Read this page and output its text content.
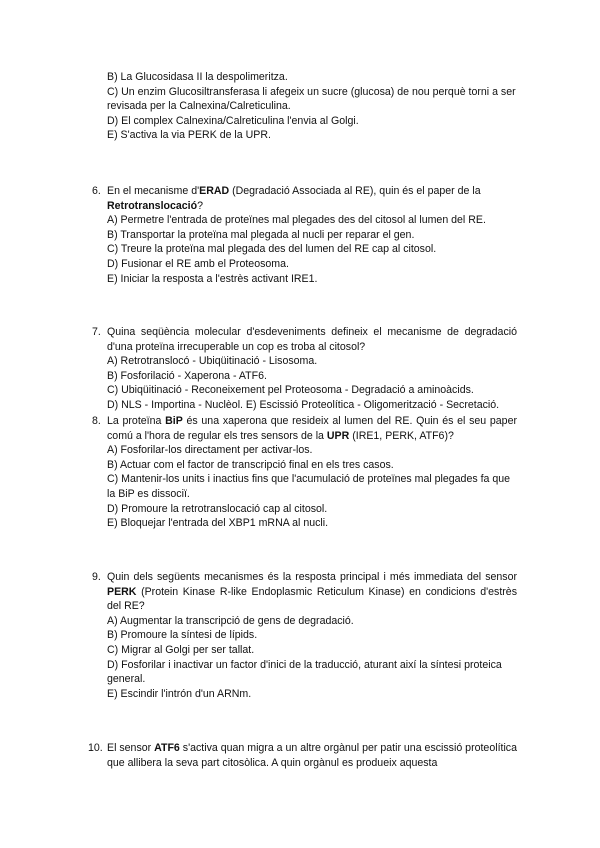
B) La Glucosidasa II la despolimeritza.
C) Un enzim Glucosiltransferasa li afegeix un sucre (glucosa) de nou perquè torni a ser revisada per la Calnexina/Calreticulina.
D) El complex Calnexina/Calreticulina l'envia al Golgi.
E) S'activa la via PERK de la UPR.
6. En el mecanisme d'ERAD (Degradació Associada al RE), quin és el paper de la Retrotranslocació?
A) Permetre l'entrada de proteïnes mal plegades des del citosol al lumen del RE.
B) Transportar la proteïna mal plegada al nucli per reparar el gen.
C) Treure la proteïna mal plegada des del lumen del RE cap al citosol.
D) Fusionar el RE amb el Proteosoma.
E) Iniciar la resposta a l'estrès activant IRE1.
7. Quina seqüència molecular d'esdeveniments defineix el mecanisme de degradació d'una proteïna irrecuperable un cop es troba al citosol?
A) Retrotranslocó - Ubiqüitinació - Lisosoma.
B) Fosforilació - Xaperona - ATF6.
C) Ubiqüitinació - Reconeixement pel Proteosoma - Degradació a aminoàcids.
D) NLS - Importina - Nuclèol. E) Escissió Proteolítica - Oligomerització - Secretació.
8. La proteïna BiP és una xaperona que resideix al lumen del RE. Quin és el seu paper comú a l'hora de regular els tres sensors de la UPR (IRE1, PERK, ATF6)?
A) Fosforilar-los directament per activar-los.
B) Actuar com el factor de transcripció final en els tres casos.
C) Mantenir-los units i inactius fins que l'acumulació de proteïnes mal plegades fa que la BiP es dissociï.
D) Promoure la retrotranslocació cap al citosol.
E) Bloquejar l'entrada del XBP1 mRNA al nucli.
9. Quin dels següents mecanismes és la resposta principal i més immediata del sensor PERK (Protein Kinase R-like Endoplasmic Reticulum Kinase) en condicions d'estrès del RE?
A) Augmentar la transcripció de gens de degradació.
B) Promoure la síntesi de lípids.
C) Migrar al Golgi per ser tallat.
D) Fosforilar i inactivar un factor d'inici de la traducció, aturant així la síntesi proteica general.
E) Escindir l'intrón d'un ARNm.
10. El sensor ATF6 s'activa quan migra a un altre orgànul per patir una escissió proteolítica que allibera la seva part citosòlica. A quin orgànul es produeix aquesta
